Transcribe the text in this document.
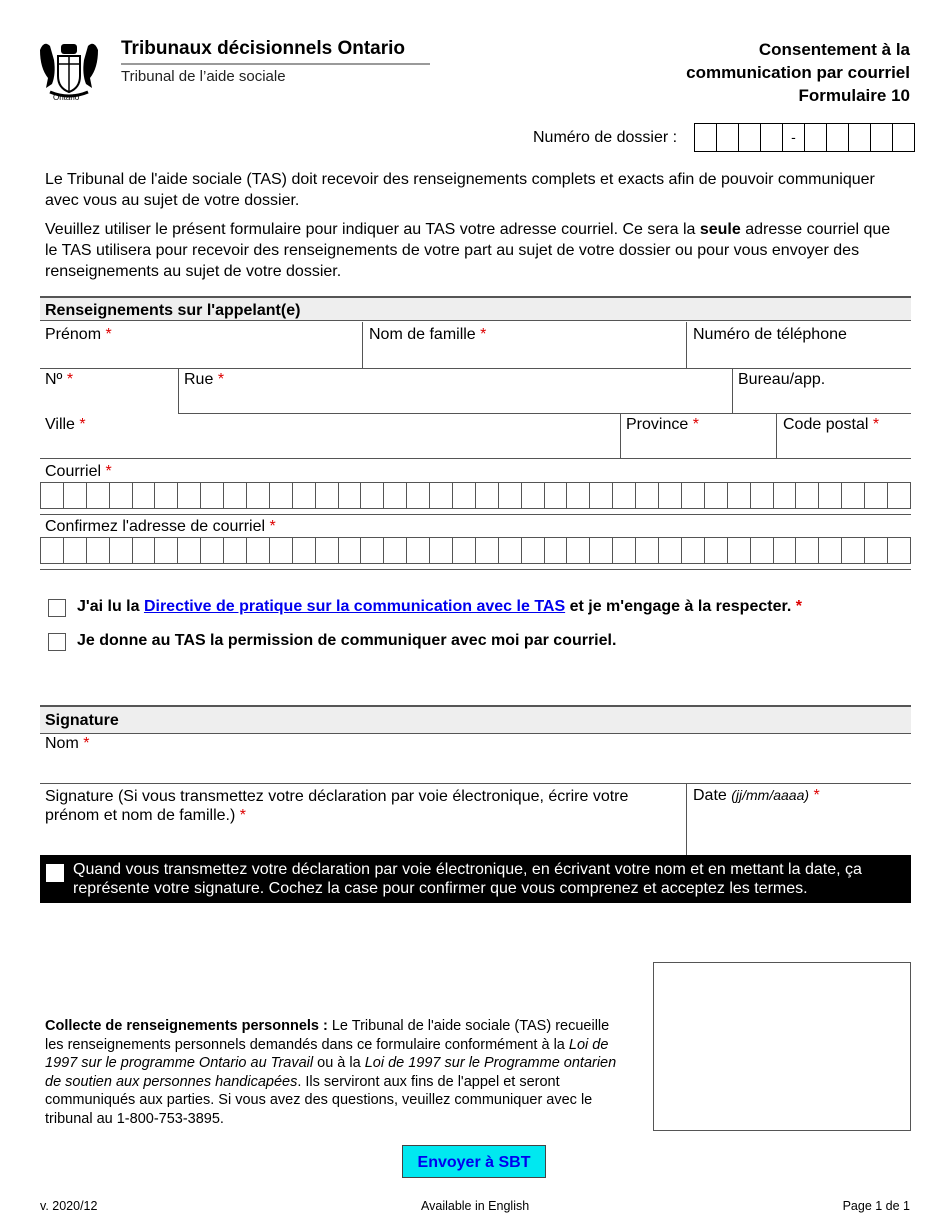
Ontario
Tribunaux décisionnels Ontario
Tribunal de l’aide sociale
Consentement à la
communication par courriel
Formulaire 10
Numéro de dossier :	-
Le Tribunal de l'aide sociale (TAS) doit recevoir des renseignements complets et exacts afin de pouvoir communiquer avec vous au sujet de votre dossier.
Veuillez utiliser le présent formulaire pour indiquer au TAS votre adresse courriel. Ce sera la seule adresse courriel que le TAS utilisera pour recevoir des renseignements de votre part au sujet de votre dossier ou pour vous envoyer des renseignements au sujet de votre dossier.
Renseignements sur l'appelant(e)
Prénom *	Nom de famille *	Numéro de téléphone
Nº *	Rue *	Bureau/app.
Ville *	Province *	Code postal *
Courriel *
Confirmez l'adresse de courriel *
J'ai lu la Directive de pratique sur la communication avec le TAS et je m'engage à la respecter. *
Je donne au TAS la permission de communiquer avec moi par courriel.
Signature
Nom *
Signature (Si vous transmettez votre déclaration par voie électronique, écrire votre prénom et nom de famille.) *
Date (jj/mm/aaaa) *
Quand vous transmettez votre déclaration par voie électronique, en écrivant votre nom et en mettant la date, ça représente votre signature. Cochez la case pour confirmer que vous comprenez et acceptez les termes.
Collecte de renseignements personnels : Le Tribunal de l'aide sociale (TAS) recueille les renseignements personnels demandés dans ce formulaire conformément à la Loi de 1997 sur le programme Ontario au Travail ou à la Loi de 1997 sur le Programme ontarien de soutien aux personnes handicapées. Ils serviront aux fins de l'appel et seront communiqués aux parties. Si vous avez des questions, veuillez communiquer avec le tribunal au 1-800-753-3895.
Envoyer à SBT
v. 2020/12	Available in English	Page 1 de 1
